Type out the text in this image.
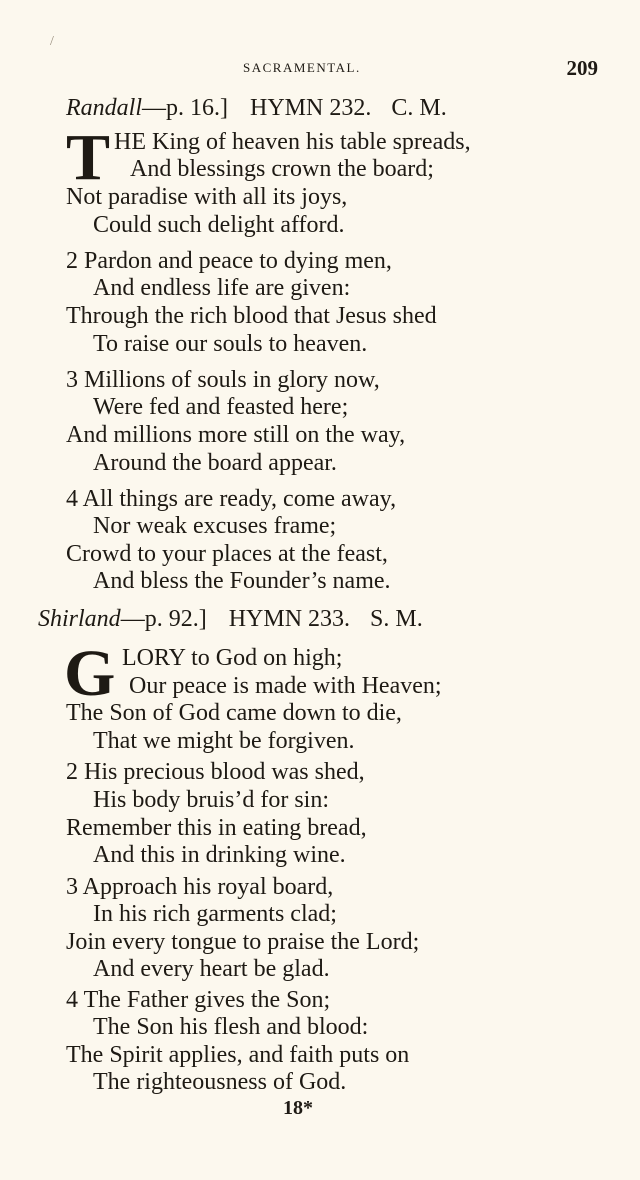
/
SACRAMENTAL.	209
Randall—p. 16.] HYMN 232. C. M.
T HE King of heaven his table spreads,
And blessings crown the board;
Not paradise with all its joys,
Could such delight afford.
2 Pardon and peace to dying men,
And endless life are given:
Through the rich blood that Jesus shed
To raise our souls to heaven.
3 Millions of souls in glory now,
Were fed and feasted here;
And millions more still on the way,
Around the board appear.
4 All things are ready, come away,
Nor weak excuses frame;
Crowd to your places at the feast,
And bless the Founder’s name.
Shirland—p. 92.] HYMN 233. S. M.
G LORY to God on high;
Our peace is made with Heaven;
The Son of God came down to die,
That we might be forgiven.
2 His precious blood was shed,
His body bruis’d for sin:
Remember this in eating bread,
And this in drinking wine.
3 Approach his royal board,
In his rich garments clad;
Join every tongue to praise the Lord;
And every heart be glad.
4 The Father gives the Son;
The Son his flesh and blood:
The Spirit applies, and faith puts on
The righteousness of God.
18*
